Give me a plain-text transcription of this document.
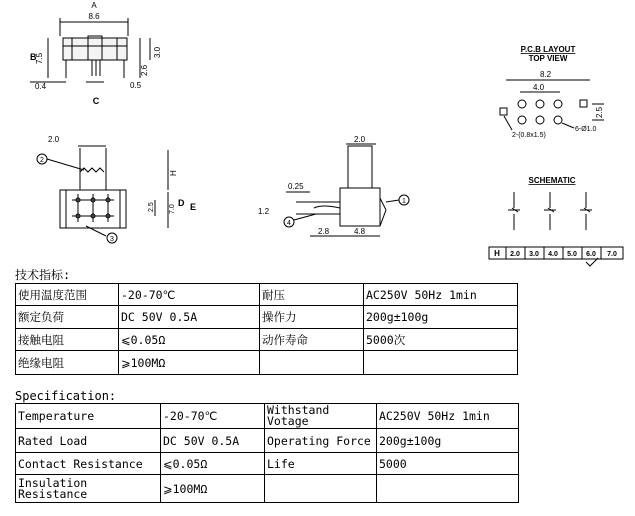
A
8.6
B
7.5
0.4
C
0.5
2.6
3.0	P.C.B LAYOUT
TOP VIEW
8.2
4.0
2.5
6-Ø1.0
2-(0.8x1.5)
2.0
2
H
2.5 7.0
D E
3
2.0
0.25
1.2
4
2.8	4.8
1
SCHEMATIC
H 2.0 3.0 4.0 5.0 6.0 7.0
技术指标:
使用温度范围	-20-70℃	耐压	AC250V 50Hz 1min
额定负荷	DC 50V 0.5A	操作力	200g±100g
接触电阻	⩽0.05Ω	动作寿命	5000次
绝缘电阻	⩾100MΩ		
Specification:
Temperature	-20-70℃	Withstand Votage	AC250V 50Hz 1min
Rated Load	DC 50V 0.5A	Operating Force	200g±100g
Contact Resistance	⩽0.05Ω	Life	5000
Insulation Resistance	⩾100MΩ		
